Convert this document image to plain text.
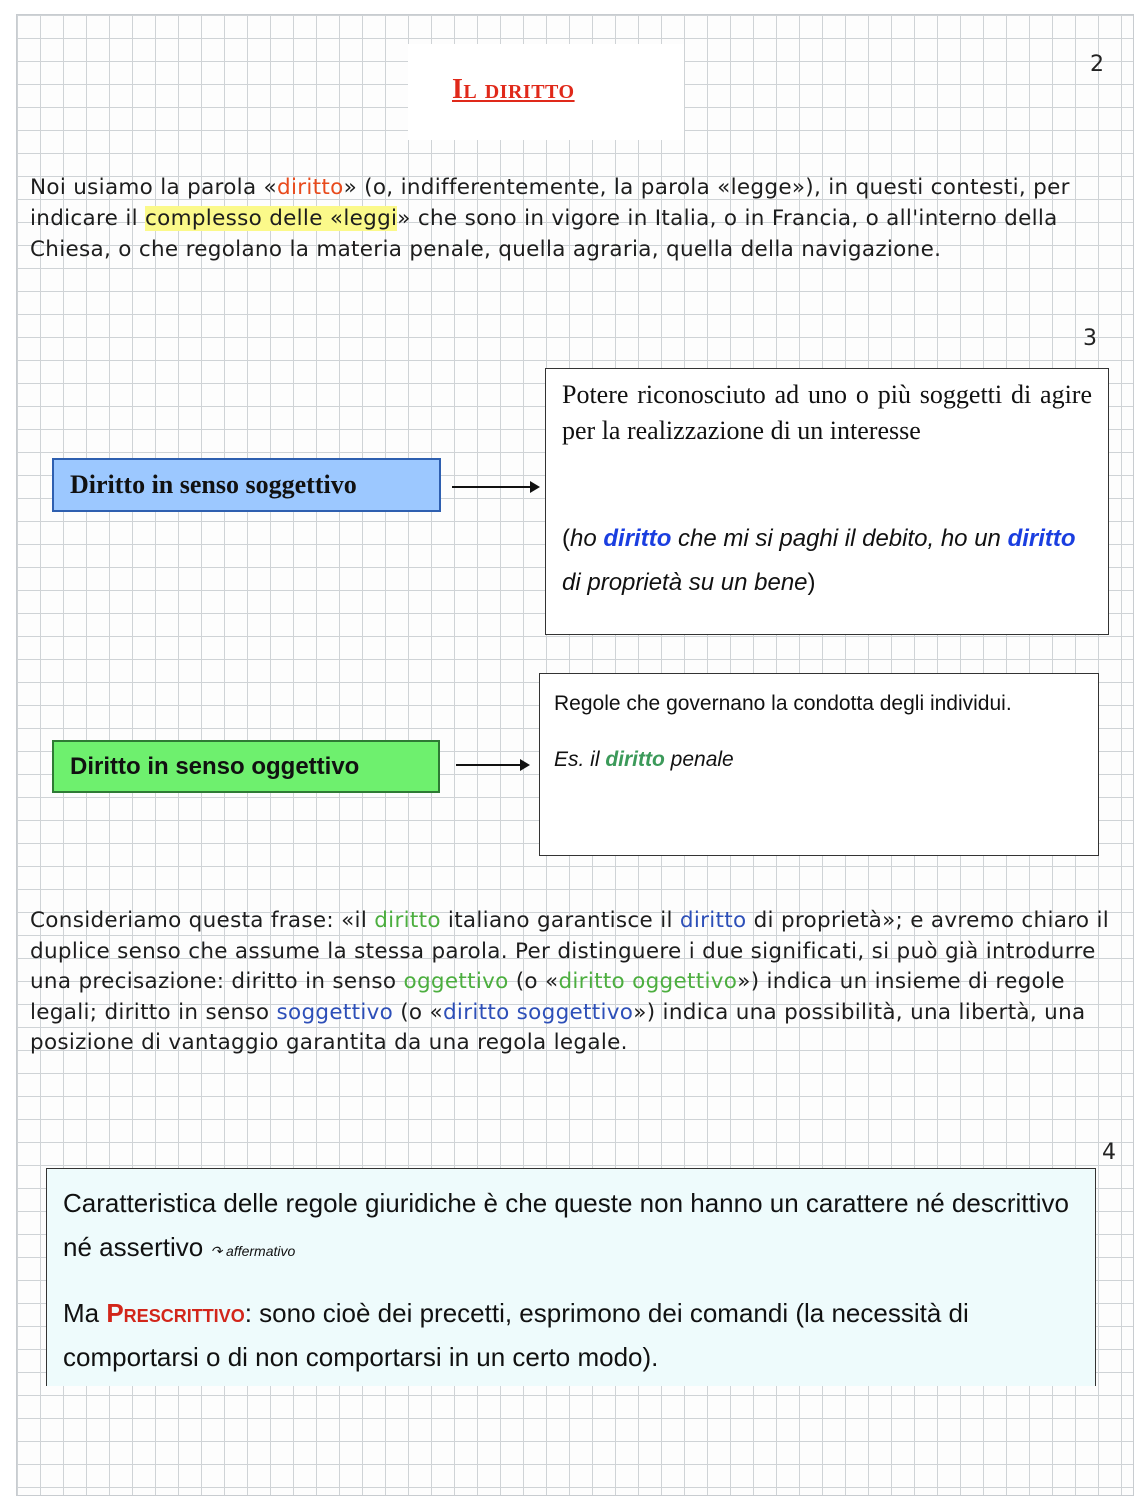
2
Il diritto
Noi usiamo la parola «diritto» (o, indifferentemente, la parola «legge»), in questi contesti, per indicare il complesso delle «leggi» che sono in vigore in Italia, o in Francia, o all'interno della Chiesa, o che regolano la materia penale, quella agraria, quella della navigazione.
3
Diritto in senso soggettivo
Potere riconosciuto ad uno o più soggetti di agire per la realizzazione di un interesse
(ho diritto che mi si paghi il debito, ho un diritto di proprietà su un bene)
Diritto in senso oggettivo
Regole che governano la condotta degli individui.
Es. il diritto penale
Consideriamo questa frase: «il diritto italiano garantisce il diritto di proprietà»; e avremo chiaro il duplice senso che assume la stessa parola. Per distinguere i due significati, si può già introdurre una precisazione: diritto in senso oggettivo (o «diritto oggettivo») indica un insieme di regole legali; diritto in senso soggettivo (o «diritto soggettivo») indica una possibilità, una libertà, una posizione di vantaggio garantita da una regola legale.
4
Caratteristica delle regole giuridiche è che queste non hanno un carattere né descrittivo né assertivo ↷ affermativo
Ma Prescrittivo: sono cioè dei precetti, esprimono dei comandi (la necessità di comportarsi o di non comportarsi in un certo modo).
